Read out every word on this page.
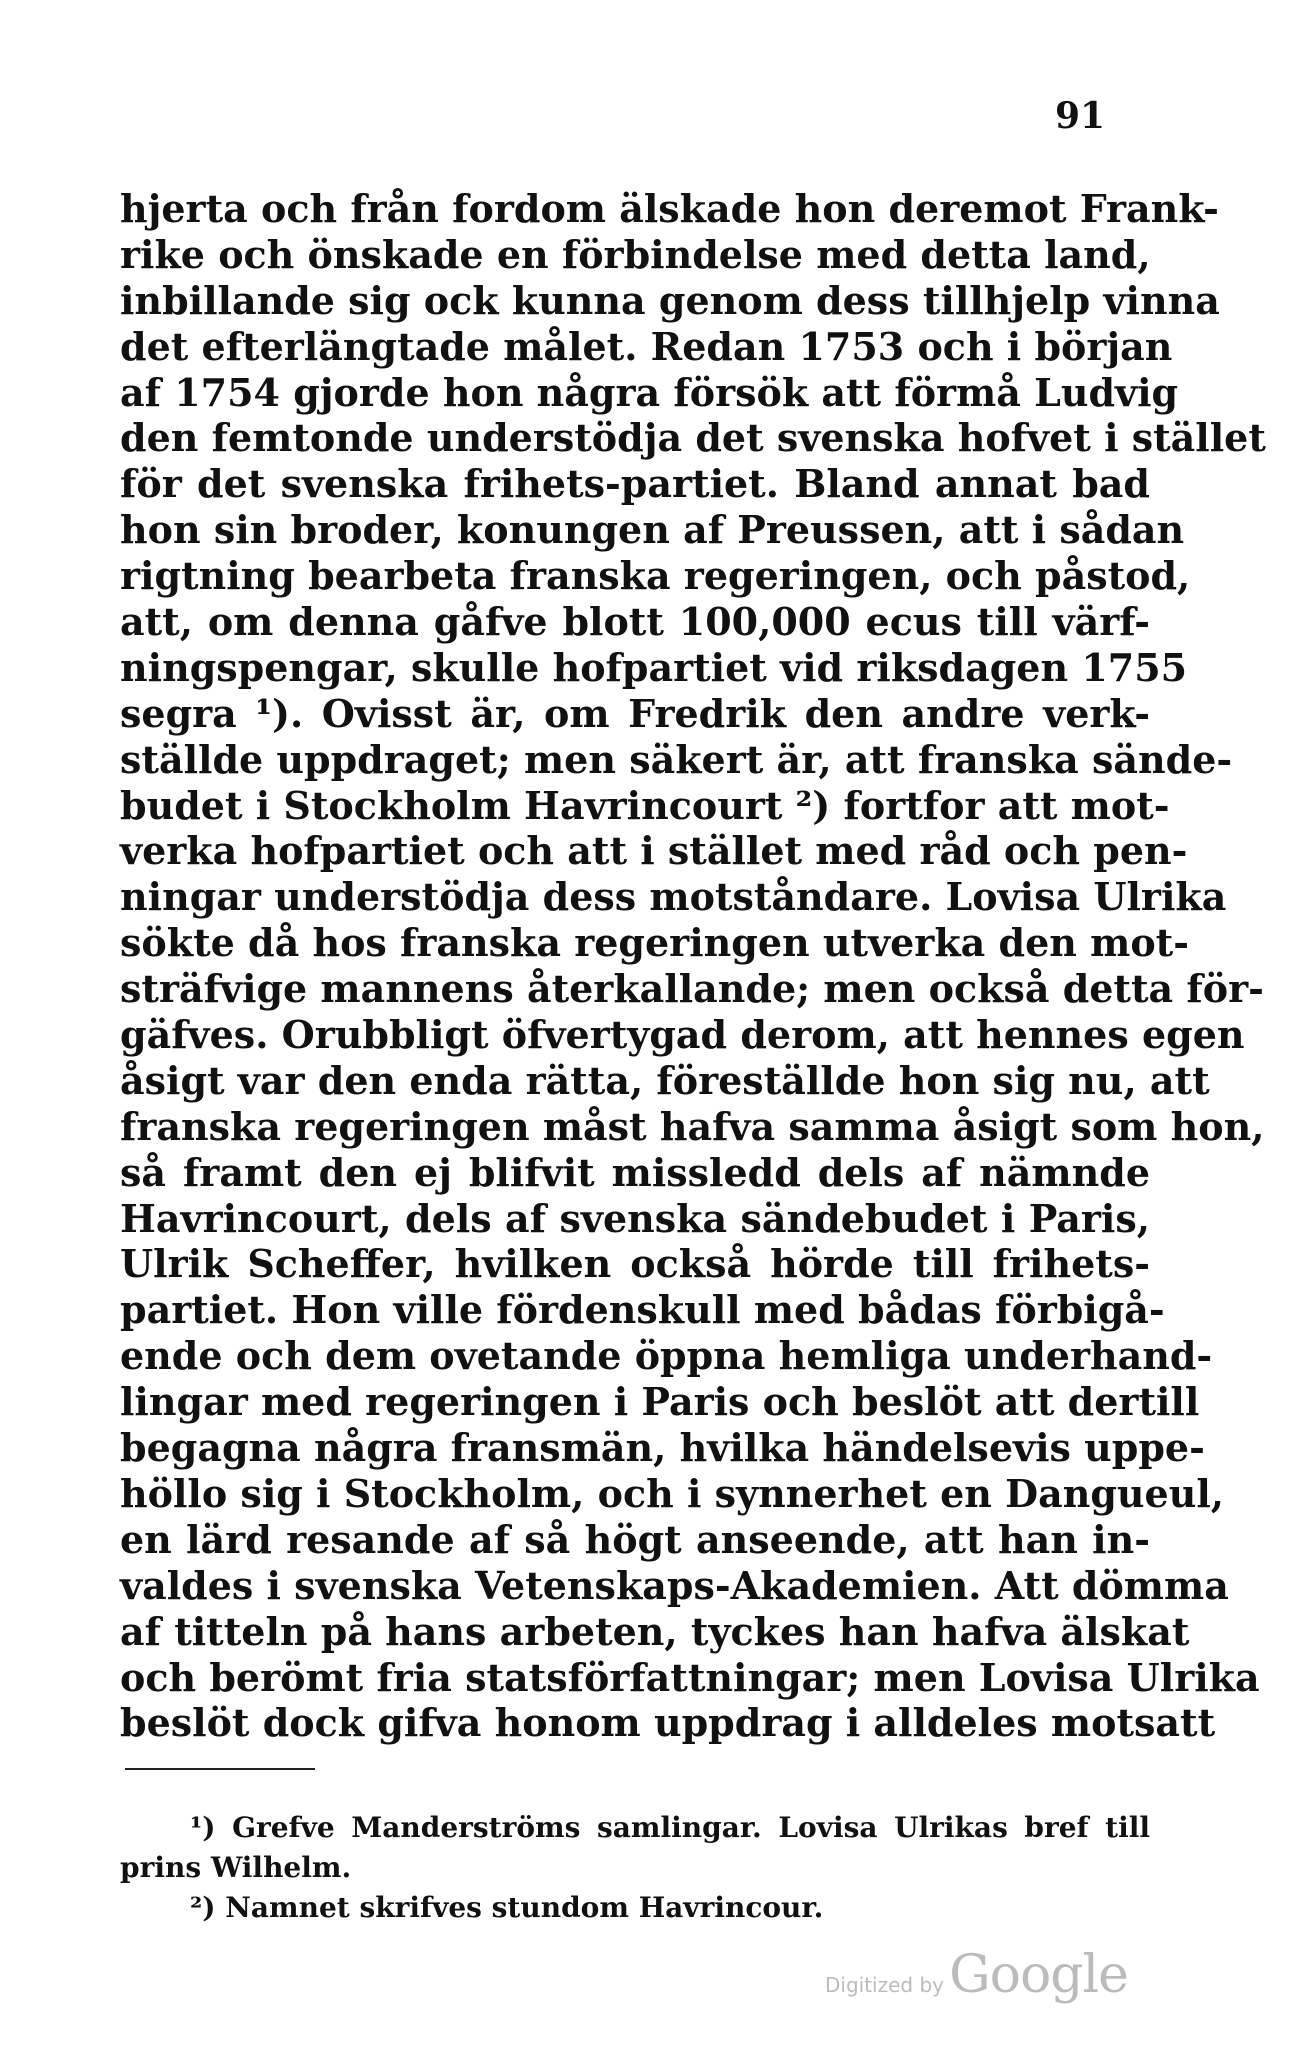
91
hjerta och från fordom älskade hon deremot Frank-
rike och önskade en förbindelse med detta land,
inbillande sig ock kunna genom dess tillhjelp vinna
det efterlängtade målet. Redan 1753 och i början
af 1754 gjorde hon några försök att förmå Ludvig
den femtonde understödja det svenska hofvet i stället
för det svenska frihets-partiet. Bland annat bad
hon sin broder, konungen af Preussen, att i sådan
rigtning bearbeta franska regeringen, och påstod,
att, om denna gåfve blott 100,000 ecus till värf-
ningspengar, skulle hofpartiet vid riksdagen 1755
segra ¹). Ovisst är, om Fredrik den andre verk-
ställde uppdraget; men säkert är, att franska sände-
budet i Stockholm Havrincourt ²) fortfor att mot-
verka hofpartiet och att i stället med råd och pen-
ningar understödja dess motståndare. Lovisa Ulrika
sökte då hos franska regeringen utverka den mot-
sträfvige mannens återkallande; men också detta för-
gäfves. Orubbligt öfvertygad derom, att hennes egen
åsigt var den enda rätta, föreställde hon sig nu, att
franska regeringen måst hafva samma åsigt som hon,
så framt den ej blifvit missledd dels af nämnde
Havrincourt, dels af svenska sändebudet i Paris,
Ulrik Scheffer, hvilken också hörde till frihets-
partiet. Hon ville fördenskull med bådas förbigå-
ende och dem ovetande öppna hemliga underhand-
lingar med regeringen i Paris och beslöt att dertill
begagna några fransmän, hvilka händelsevis uppe-
höllo sig i Stockholm, och i synnerhet en Dangueul,
en lärd resande af så högt anseende, att han in-
valdes i svenska Vetenskaps-Akademien. Att dömma
af titteln på hans arbeten, tyckes han hafva älskat
och berömt fria statsförfattningar; men Lovisa Ulrika
beslöt dock gifva honom uppdrag i alldeles motsatt
¹) Grefve Manderströms samlingar. Lovisa Ulrikas bref till
prins Wilhelm.
²) Namnet skrifves stundom Havrincour.
Digitized by Google
